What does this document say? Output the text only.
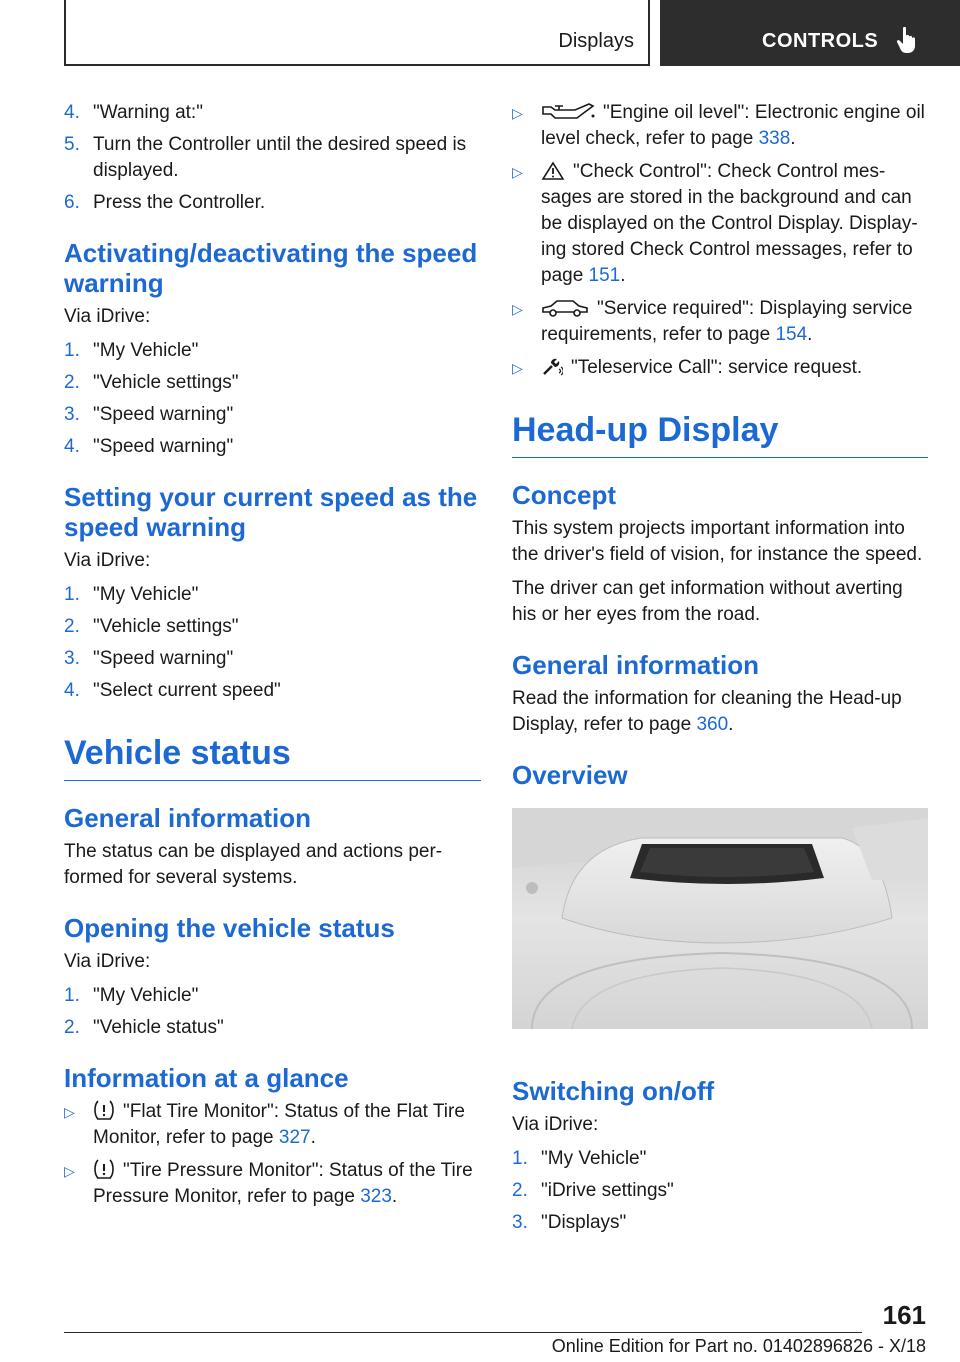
Displays	CONTROLS
4. "Warning at:"
5. Turn the Controller until the desired speed is displayed.
6. Press the Controller.
Activating/deactivating the speed warning
Via iDrive:
1. "My Vehicle"
2. "Vehicle settings"
3. "Speed warning"
4. "Speed warning"
Setting your current speed as the speed warning
Via iDrive:
1. "My Vehicle"
2. "Vehicle settings"
3. "Speed warning"
4. "Select current speed"
Vehicle status
General information
The status can be displayed and actions performed for several systems.
Opening the vehicle status
Via iDrive:
1. "My Vehicle"
2. "Vehicle status"
Information at a glance
▷	"Flat Tire Monitor": Status of the Flat Tire Monitor, refer to page 327.
▷	"Tire Pressure Monitor": Status of the Tire Pressure Monitor, refer to page 323.
▷	"Engine oil level": Electronic engine oil level check, refer to page 338.
▷	"Check Control": Check Control messages are stored in the background and can be displayed on the Control Display. Displaying stored Check Control messages, refer to page 151.
▷	"Service required": Displaying service requirements, refer to page 154.
▷	"Teleservice Call": service request.
Head-up Display
Concept
This system projects important information into the driver's field of vision, for instance the speed.
The driver can get information without averting his or her eyes from the road.
General information
Read the information for cleaning the Head-up Display, refer to page 360.
Overview
Switching on/off
Via iDrive:
1. "My Vehicle"
2. "iDrive settings"
3. "Displays"
161
Online Edition for Part no. 01402896826 - X/18
